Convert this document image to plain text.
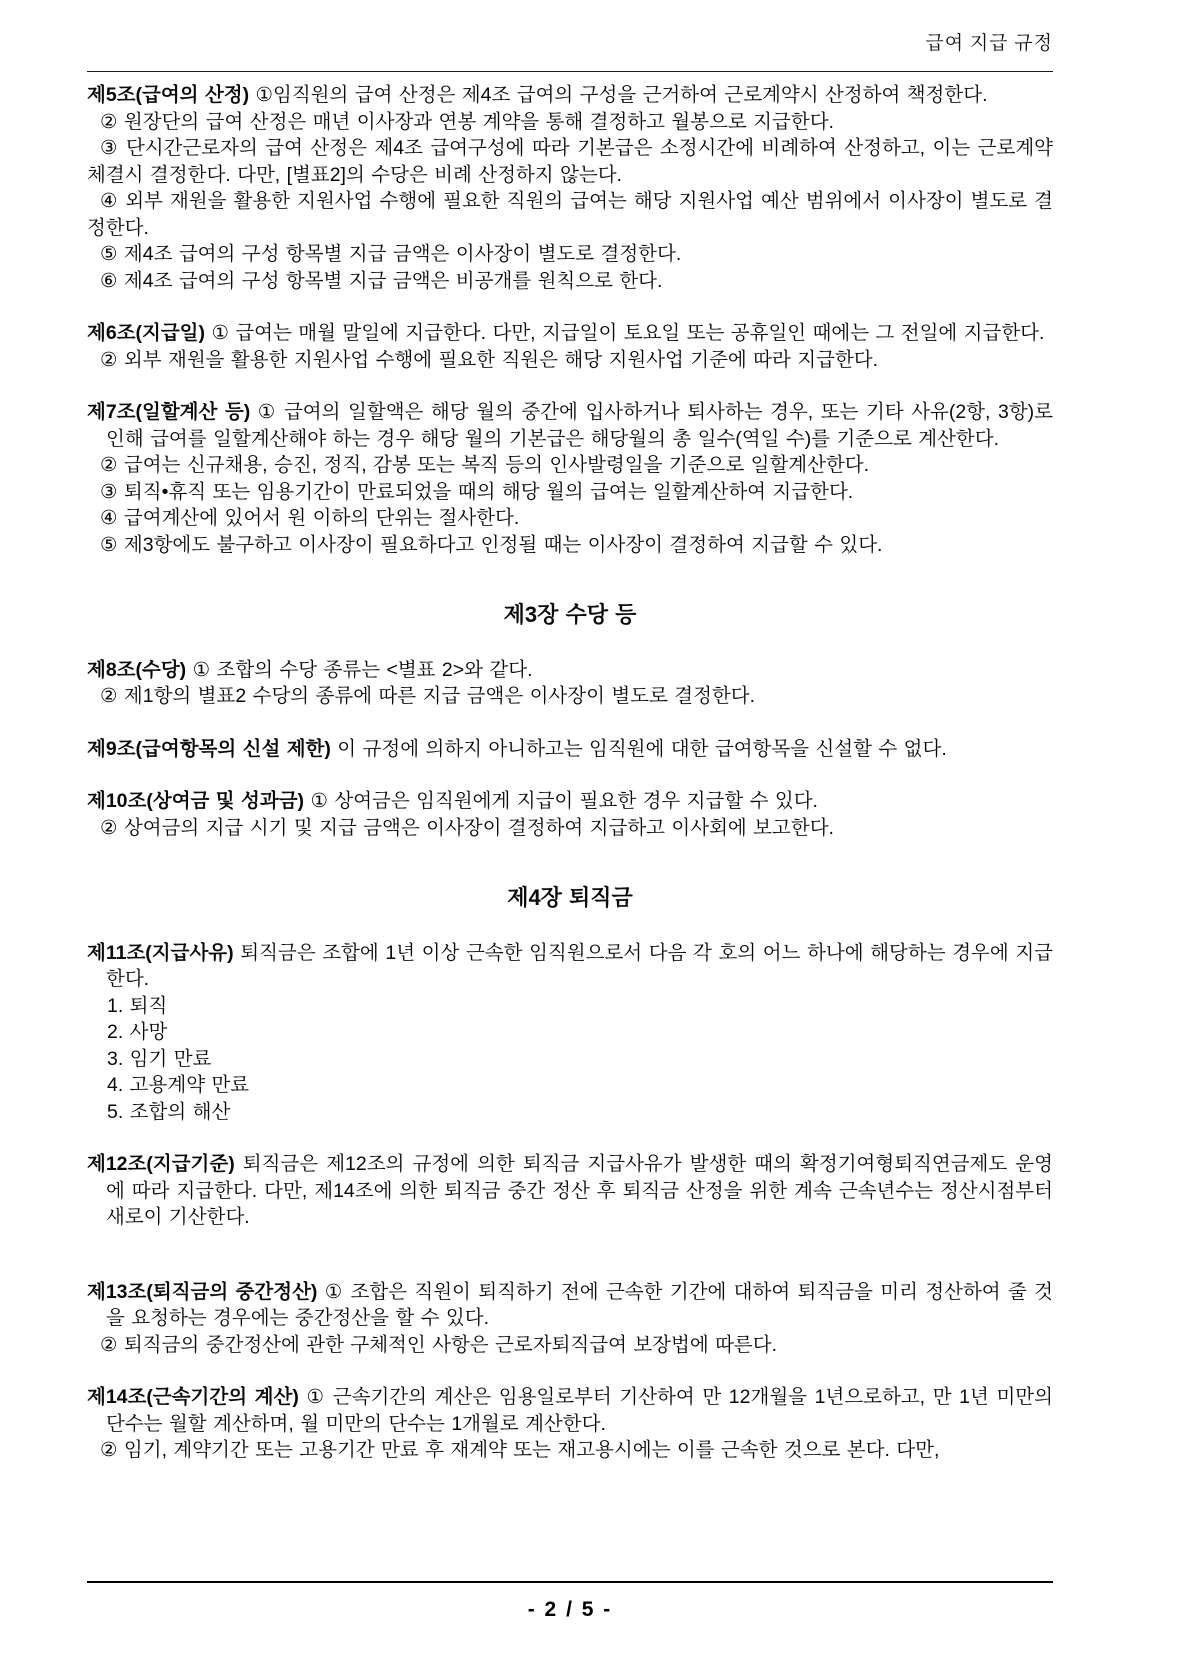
급여 지급 규정

제5조(급여의 산정) ①임직원의 급여 산정은 제4조 급여의 구성을 근거하여 근로계약시 산정하여 책정한다.

② 원장단의 급여 산정은 매년 이사장과 연봉 계약을 통해 결정하고 월봉으로 지급한다.

③ 단시간근로자의 급여 산정은 제4조 급여구성에 따라 기본급은 소정시간에 비례하여 산정하고, 이는 근로계약 체결시 결정한다. 다만, [별표2]의 수당은 비례 산정하지 않는다.

④ 외부 재원을 활용한 지원사업 수행에 필요한 직원의 급여는 해당 지원사업 예산 범위에서 이사장이 별도로 결정한다.

⑤ 제4조 급여의 구성 항목별 지급 금액은 이사장이 별도로 결정한다.

⑥ 제4조 급여의 구성 항목별 지급 금액은 비공개를 원칙으로 한다.

제6조(지급일) ① 급여는 매월 말일에 지급한다. 다만, 지급일이 토요일 또는 공휴일인 때에는 그 전일에 지급한다.

② 외부 재원을 활용한 지원사업 수행에 필요한 직원은 해당 지원사업 기준에 따라 지급한다.

제7조(일할계산 등) ① 급여의 일할액은 해당 월의 중간에 입사하거나 퇴사하는 경우, 또는 기타 사유(2항, 3항)로 인해 급여를 일할계산해야 하는 경우 해당 월의 기본급은 해당월의 총 일수(역일 수)를 기준으로 계산한다.

② 급여는 신규채용, 승진, 정직, 감봉 또는 복직 등의 인사발령일을 기준으로 일할계산한다.

③ 퇴직•휴직 또는 임용기간이 만료되었을 때의 해당 월의 급여는 일할계산하여 지급한다.

④ 급여계산에 있어서 원 이하의 단위는 절사한다.

⑤ 제3항에도 불구하고 이사장이 필요하다고 인정될 때는 이사장이 결정하여 지급할 수 있다.

제3장 수당 등

제8조(수당) ① 조합의 수당 종류는 <별표 2>와 같다.

② 제1항의 별표2 수당의 종류에 따른 지급 금액은 이사장이 별도로 결정한다.

제9조(급여항목의 신설 제한) 이 규정에 의하지 아니하고는 임직원에 대한 급여항목을 신설할 수 없다.

제10조(상여금 및 성과금) ① 상여금은 임직원에게 지급이 필요한 경우 지급할 수 있다.

② 상여금의 지급 시기 및 지급 금액은 이사장이 결정하여 지급하고 이사회에 보고한다.

제4장 퇴직금

제11조(지급사유) 퇴직금은 조합에 1년 이상 근속한 임직원으로서 다음 각 호의 어느 하나에 해당하는 경우에 지급한다.

1. 퇴직

2. 사망

3. 임기 만료

4. 고용계약 만료

5. 조합의 해산

제12조(지급기준) 퇴직금은 제12조의 규정에 의한 퇴직금 지급사유가 발생한 때의 확정기여형퇴직연금제도 운영에 따라 지급한다. 다만, 제14조에 의한 퇴직금 중간 정산 후 퇴직금 산정을 위한 계속 근속년수는 정산시점부터 새로이 기산한다.

제13조(퇴직금의 중간정산) ① 조합은 직원이 퇴직하기 전에 근속한 기간에 대하여 퇴직금을 미리 정산하여 줄 것을 요청하는 경우에는 중간정산을 할 수 있다.

② 퇴직금의 중간정산에 관한 구체적인 사항은 근로자퇴직급여 보장법에 따른다.

제14조(근속기간의 계산) ① 근속기간의 계산은 임용일로부터 기산하여 만 12개월을 1년으로하고, 만 1년 미만의 단수는 월할 계산하며, 월 미만의 단수는 1개월로 계산한다.

② 임기, 계약기간 또는 고용기간 만료 후 재계약 또는 재고용시에는 이를 근속한 것으로 본다. 다만,

- 2 / 5 -
